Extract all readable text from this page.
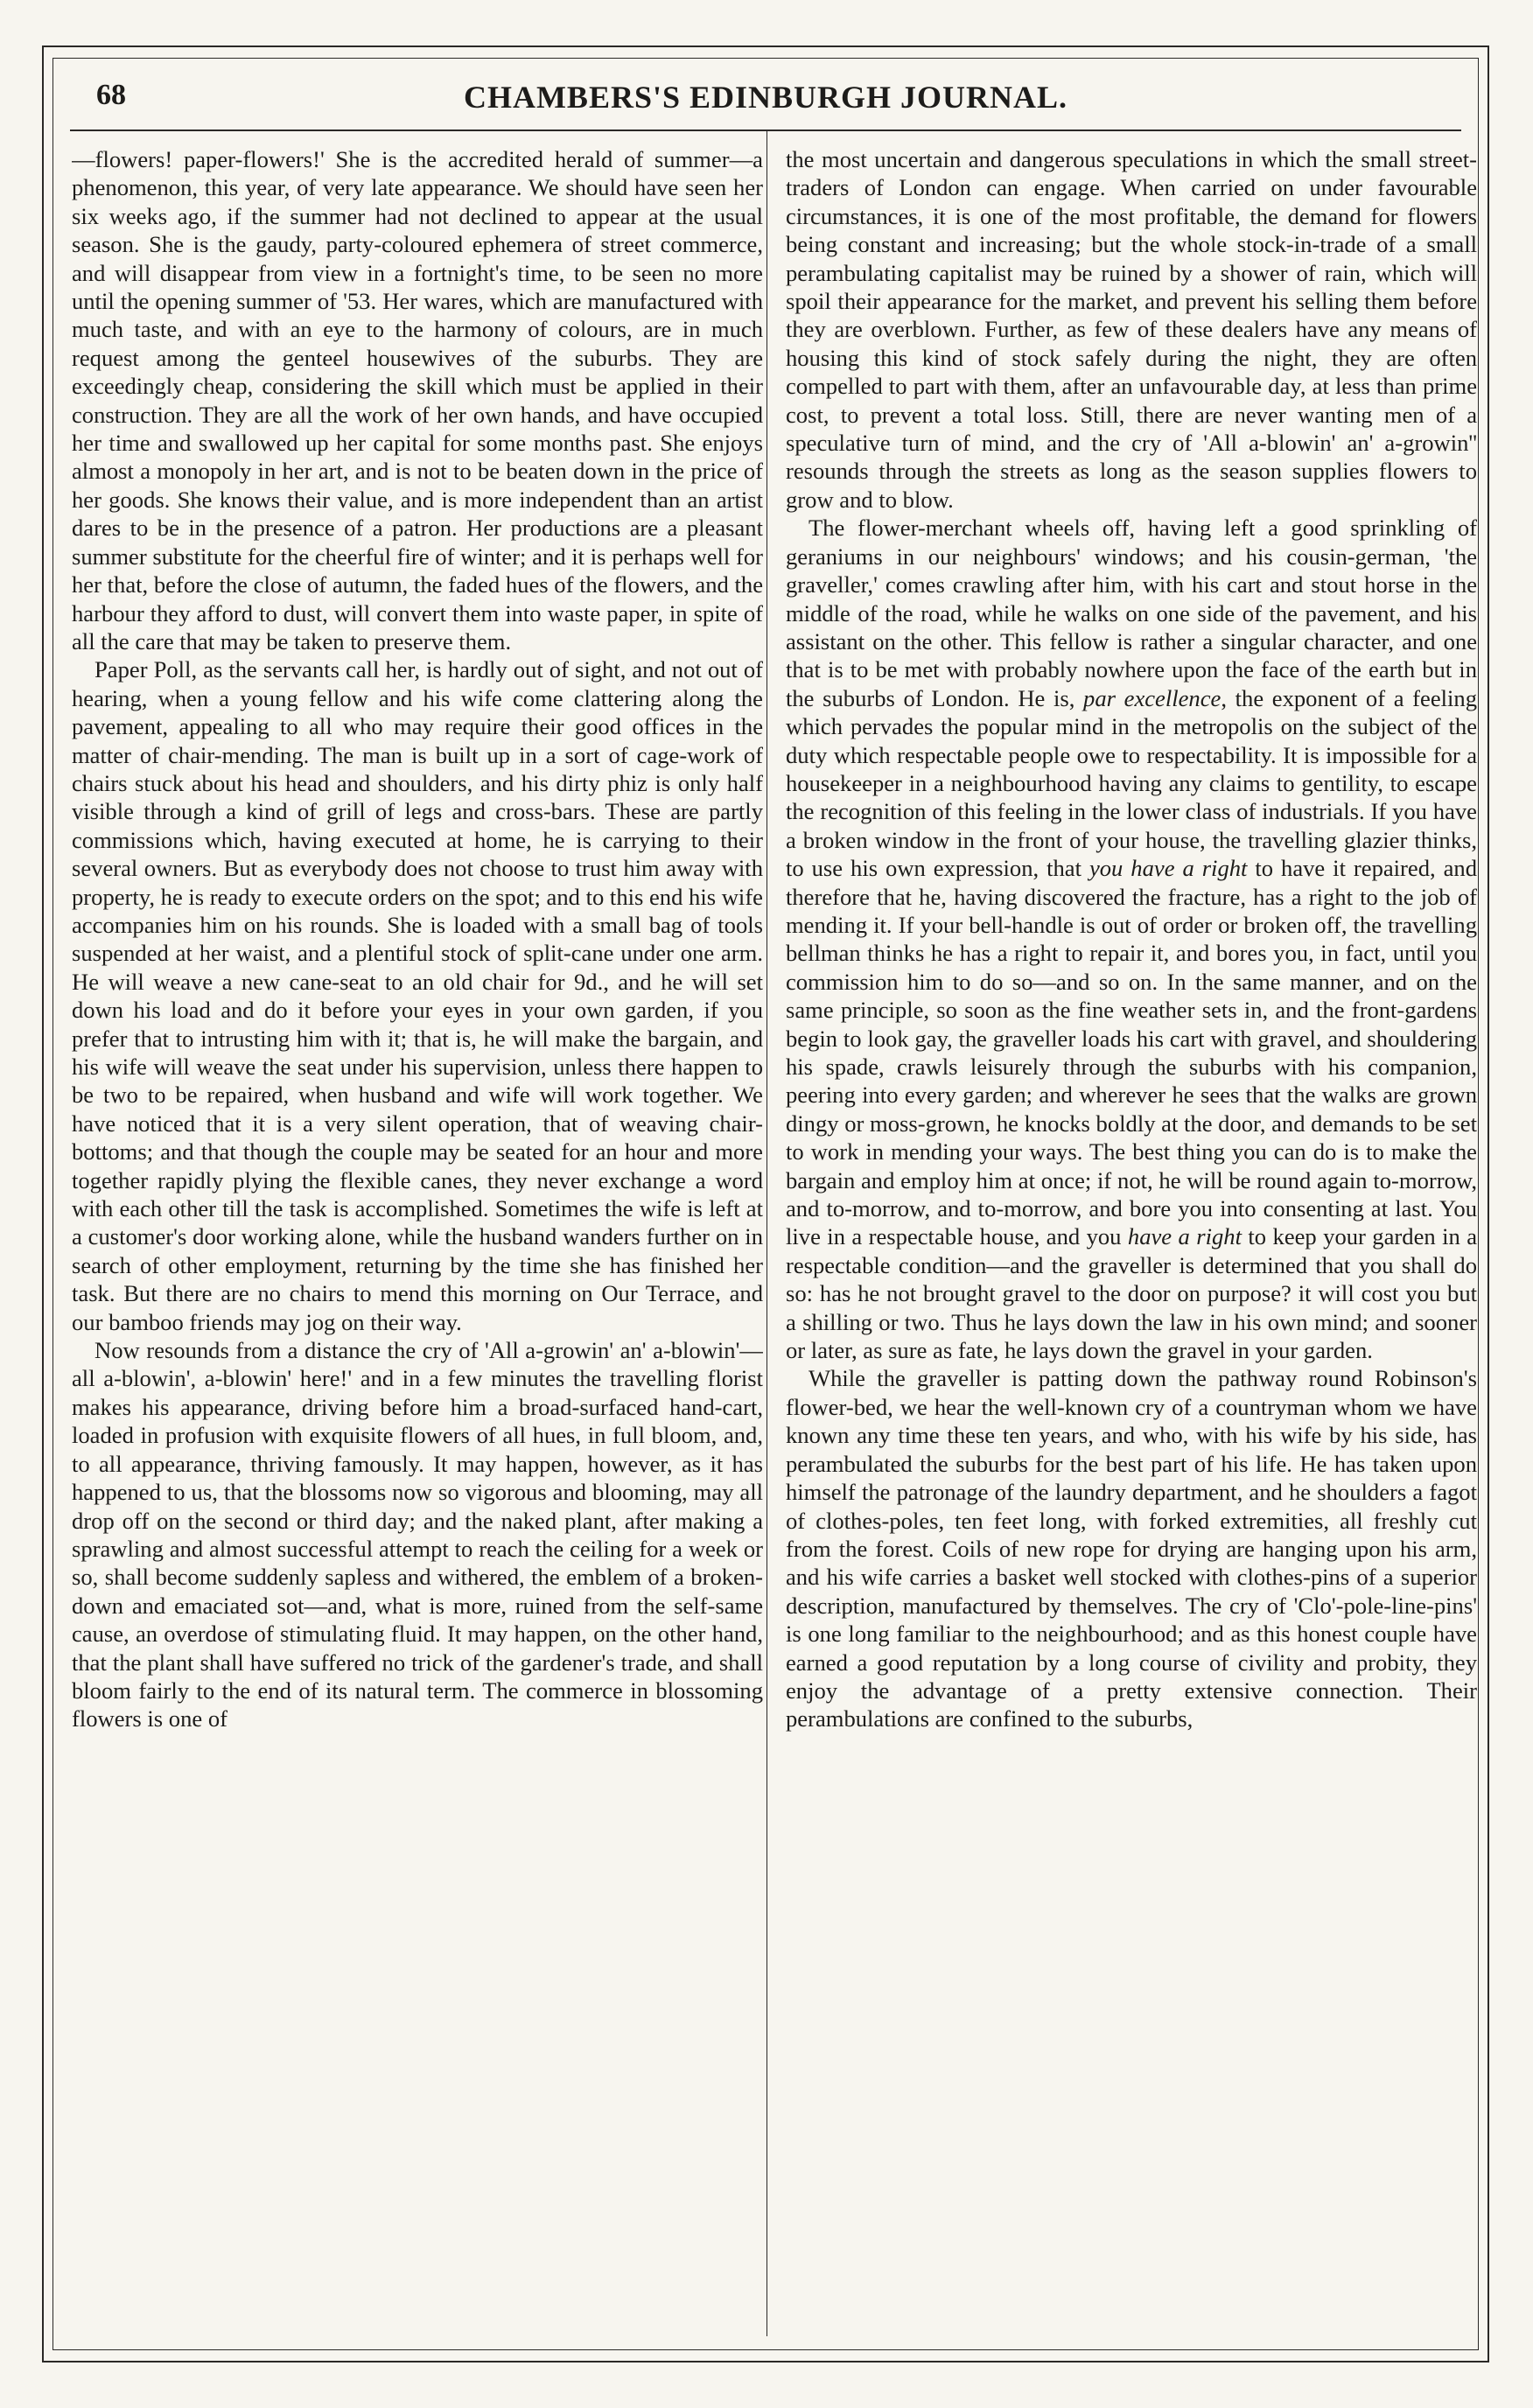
68	CHAMBERS'S EDINBURGH JOURNAL.

—flowers! paper-flowers!' She is the accredited herald of summer—a phenomenon, this year, of very late appearance. We should have seen her six weeks ago, if the summer had not declined to appear at the usual season. She is the gaudy, party-coloured ephemera of street commerce, and will disappear from view in a fortnight's time, to be seen no more until the opening summer of '53. Her wares, which are manufactured with much taste, and with an eye to the harmony of colours, are in much request among the genteel housewives of the suburbs. They are exceedingly cheap, considering the skill which must be applied in their construction. They are all the work of her own hands, and have occupied her time and swallowed up her capital for some months past. She enjoys almost a monopoly in her art, and is not to be beaten down in the price of her goods. She knows their value, and is more independent than an artist dares to be in the presence of a patron. Her productions are a pleasant summer substitute for the cheerful fire of winter; and it is perhaps well for her that, before the close of autumn, the faded hues of the flowers, and the harbour they afford to dust, will convert them into waste paper, in spite of all the care that may be taken to preserve them.

Paper Poll, as the servants call her, is hardly out of sight, and not out of hearing, when a young fellow and his wife come clattering along the pavement, appealing to all who may require their good offices in the matter of chair-mending. The man is built up in a sort of cage-work of chairs stuck about his head and shoulders, and his dirty phiz is only half visible through a kind of grill of legs and cross-bars. These are partly commissions which, having executed at home, he is carrying to their several owners. But as everybody does not choose to trust him away with property, he is ready to execute orders on the spot; and to this end his wife accompanies him on his rounds. She is loaded with a small bag of tools suspended at her waist, and a plentiful stock of split-cane under one arm. He will weave a new cane-seat to an old chair for 9d., and he will set down his load and do it before your eyes in your own garden, if you prefer that to intrusting him with it; that is, he will make the bargain, and his wife will weave the seat under his supervision, unless there happen to be two to be repaired, when husband and wife will work together. We have noticed that it is a very silent operation, that of weaving chair-bottoms; and that though the couple may be seated for an hour and more together rapidly plying the flexible canes, they never exchange a word with each other till the task is accomplished. Sometimes the wife is left at a customer's door working alone, while the husband wanders further on in search of other employment, returning by the time she has finished her task. But there are no chairs to mend this morning on Our Terrace, and our bamboo friends may jog on their way.

Now resounds from a distance the cry of 'All a-growin' an' a-blowin'—all a-blowin', a-blowin' here!' and in a few minutes the travelling florist makes his appearance, driving before him a broad-surfaced hand-cart, loaded in profusion with exquisite flowers of all hues, in full bloom, and, to all appearance, thriving famously. It may happen, however, as it has happened to us, that the blossoms now so vigorous and blooming, may all drop off on the second or third day; and the naked plant, after making a sprawling and almost successful attempt to reach the ceiling for a week or so, shall become suddenly sapless and withered, the emblem of a broken-down and emaciated sot—and, what is more, ruined from the self-same cause, an overdose of stimulating fluid. It may happen, on the other hand, that the plant shall have suffered no trick of the gardener's trade, and shall bloom fairly to the end of its natural term. The commerce in blossoming flowers is one of

the most uncertain and dangerous speculations in which the small street-traders of London can engage. When carried on under favourable circumstances, it is one of the most profitable, the demand for flowers being constant and increasing; but the whole stock-in-trade of a small perambulating capitalist may be ruined by a shower of rain, which will spoil their appearance for the market, and prevent his selling them before they are overblown. Further, as few of these dealers have any means of housing this kind of stock safely during the night, they are often compelled to part with them, after an unfavourable day, at less than prime cost, to prevent a total loss. Still, there are never wanting men of a speculative turn of mind, and the cry of 'All a-blowin' an' a-growin'' resounds through the streets as long as the season supplies flowers to grow and to blow.

The flower-merchant wheels off, having left a good sprinkling of geraniums in our neighbours' windows; and his cousin-german, 'the graveller,' comes crawling after him, with his cart and stout horse in the middle of the road, while he walks on one side of the pavement, and his assistant on the other. This fellow is rather a singular character, and one that is to be met with probably nowhere upon the face of the earth but in the suburbs of London. He is, par excellence, the exponent of a feeling which pervades the popular mind in the metropolis on the subject of the duty which respectable people owe to respectability. It is impossible for a housekeeper in a neighbourhood having any claims to gentility, to escape the recognition of this feeling in the lower class of industrials. If you have a broken window in the front of your house, the travelling glazier thinks, to use his own expression, that you have a right to have it repaired, and therefore that he, having discovered the fracture, has a right to the job of mending it. If your bell-handle is out of order or broken off, the travelling bellman thinks he has a right to repair it, and bores you, in fact, until you commission him to do so—and so on. In the same manner, and on the same principle, so soon as the fine weather sets in, and the front-gardens begin to look gay, the graveller loads his cart with gravel, and shouldering his spade, crawls leisurely through the suburbs with his companion, peering into every garden; and wherever he sees that the walks are grown dingy or moss-grown, he knocks boldly at the door, and demands to be set to work in mending your ways. The best thing you can do is to make the bargain and employ him at once; if not, he will be round again to-morrow, and to-morrow, and to-morrow, and bore you into consenting at last. You live in a respectable house, and you have a right to keep your garden in a respectable condition—and the graveller is determined that you shall do so: has he not brought gravel to the door on purpose? it will cost you but a shilling or two. Thus he lays down the law in his own mind; and sooner or later, as sure as fate, he lays down the gravel in your garden.

While the graveller is patting down the pathway round Robinson's flower-bed, we hear the well-known cry of a countryman whom we have known any time these ten years, and who, with his wife by his side, has perambulated the suburbs for the best part of his life. He has taken upon himself the patronage of the laundry department, and he shoulders a fagot of clothes-poles, ten feet long, with forked extremities, all freshly cut from the forest. Coils of new rope for drying are hanging upon his arm, and his wife carries a basket well stocked with clothes-pins of a superior description, manufactured by themselves. The cry of 'Clo'-pole-line-pins' is one long familiar to the neighbourhood; and as this honest couple have earned a good reputation by a long course of civility and probity, they enjoy the advantage of a pretty extensive connection. Their perambulations are confined to the suburbs,
